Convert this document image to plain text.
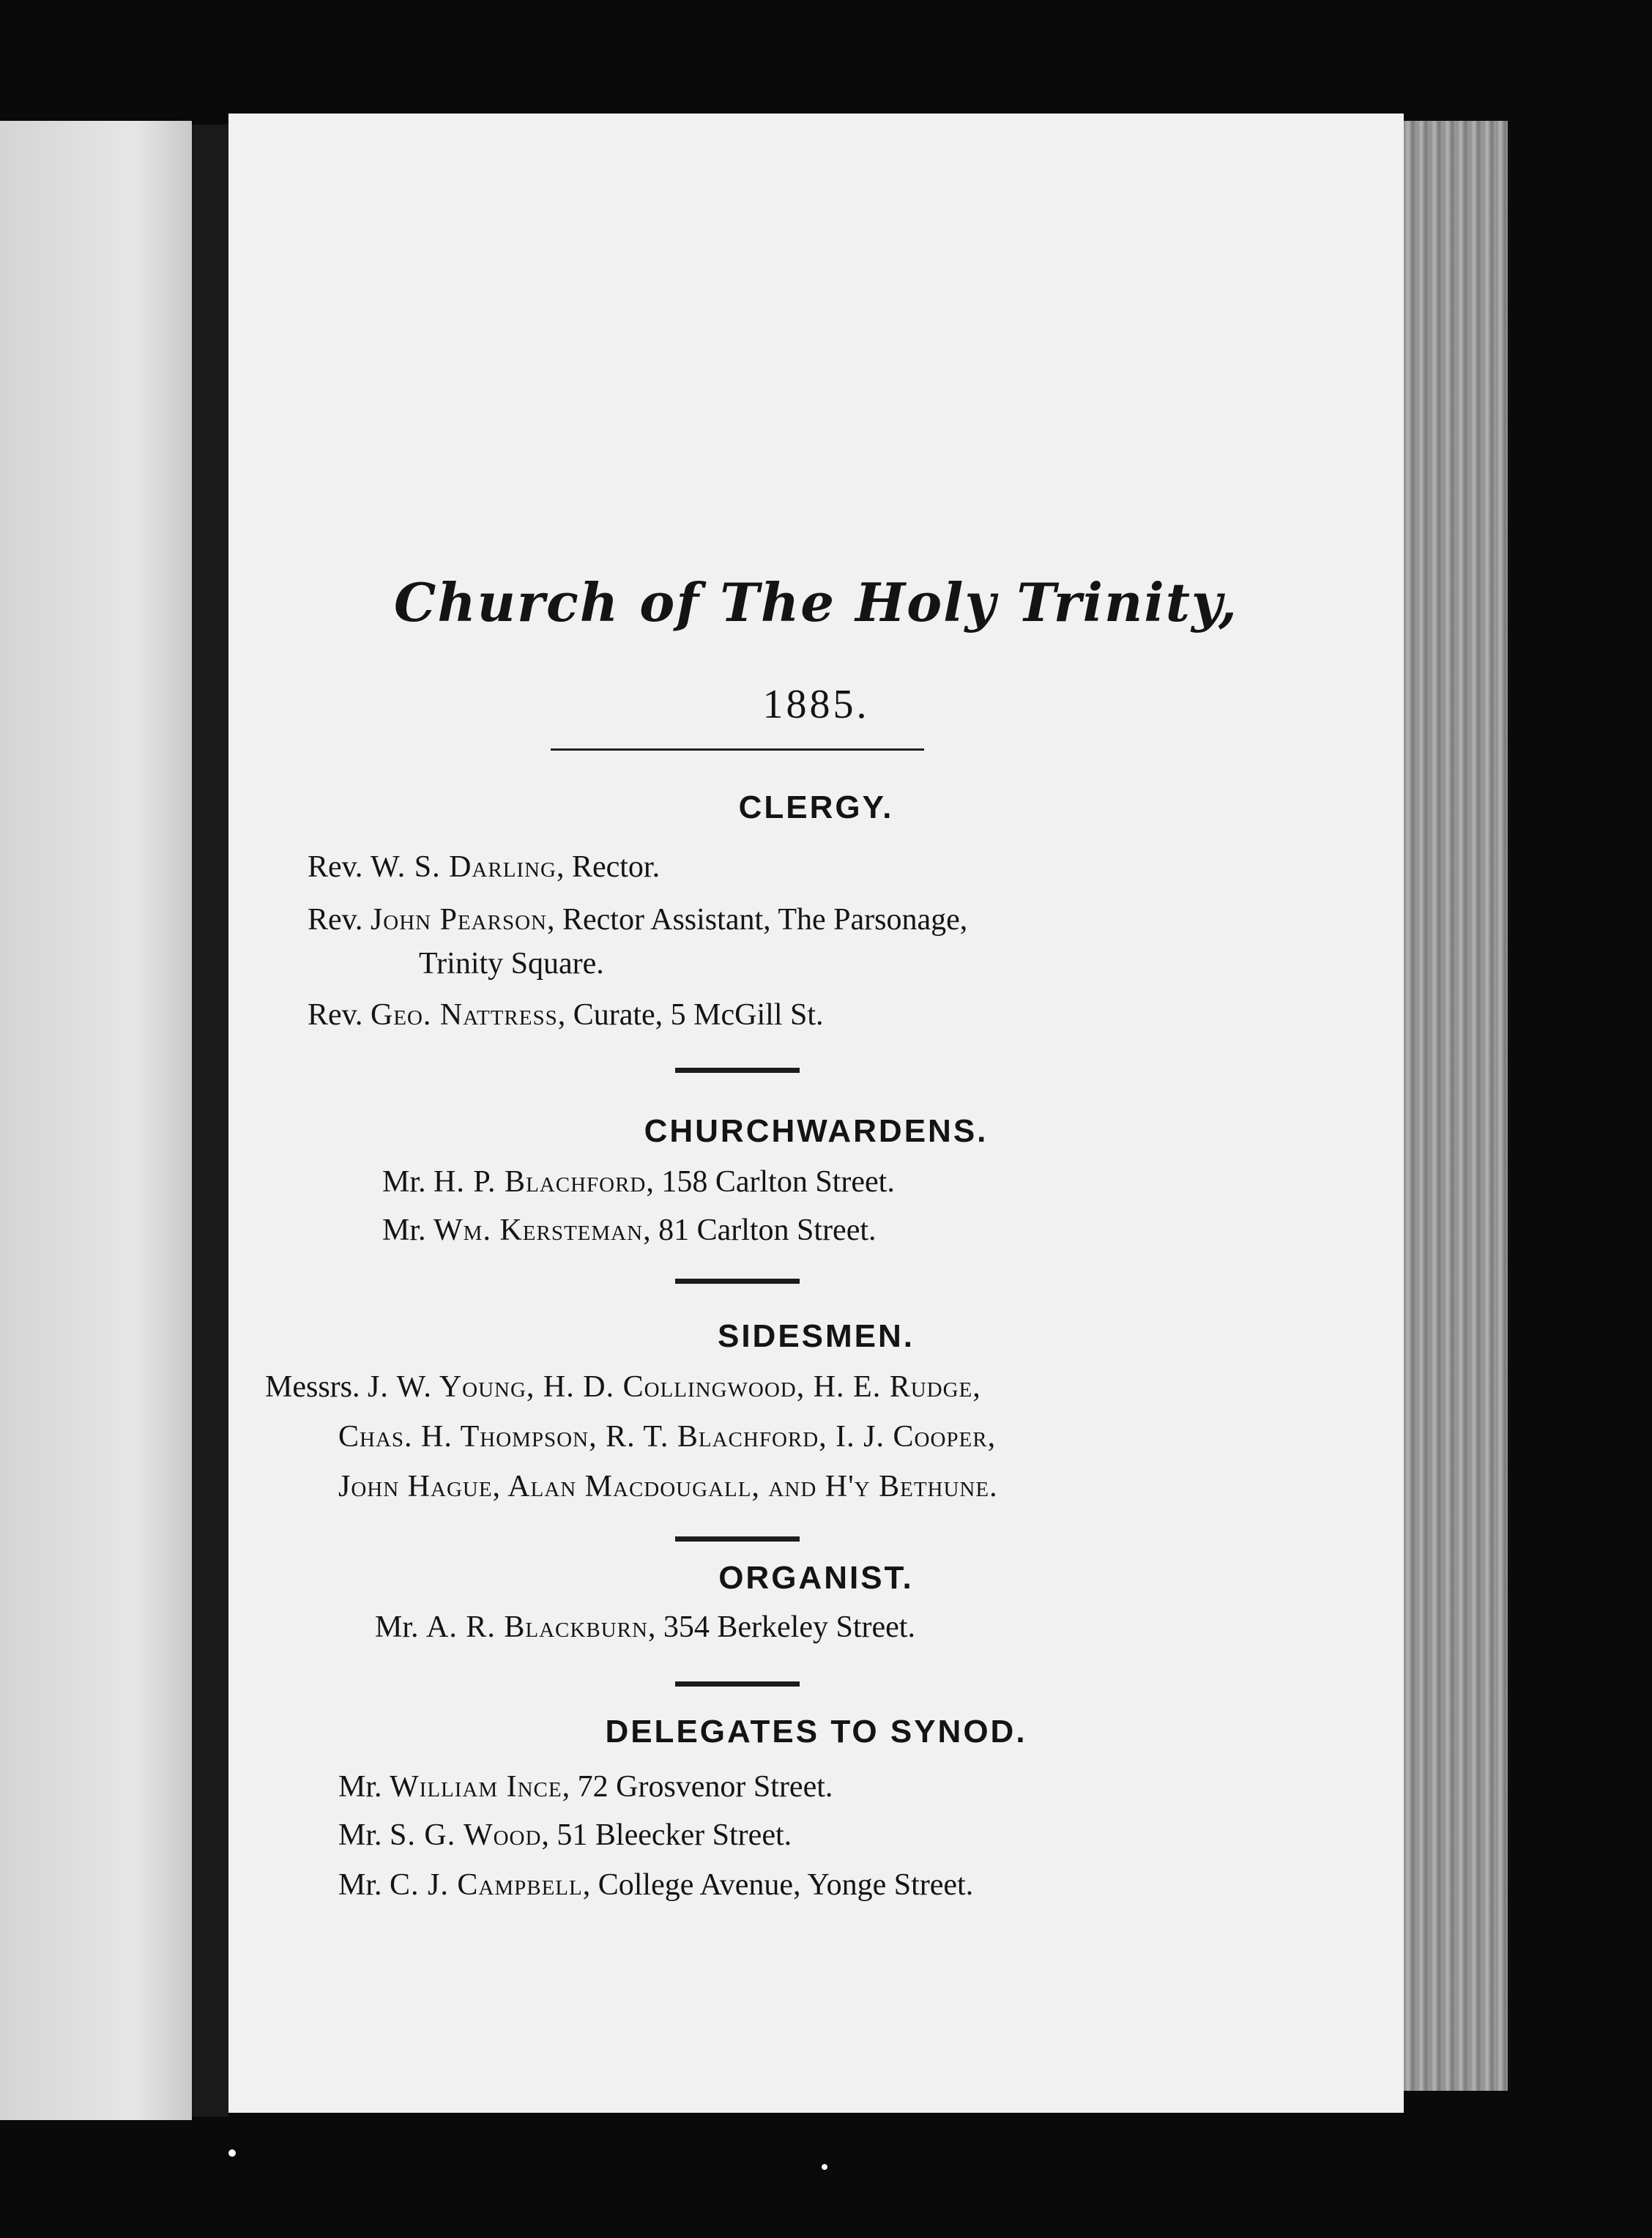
Church of The Holy Trinity,
1885.
CLERGY.
Rev. W. S. Darling, Rector.
Rev. John Pearson, Rector Assistant, The Parsonage,
Trinity Square.
Rev. Geo. Nattress, Curate, 5 McGill St.
CHURCHWARDENS.
Mr. H. P. Blachford, 158 Carlton Street.
Mr. Wm. Kersteman, 81 Carlton Street.
SIDESMEN.
Messrs. J. W. Young, H. D. Collingwood, H. E. Rudge,
Chas. H. Thompson, R. T. Blachford, I. J. Cooper,
John Hague, Alan Macdougall, and H'y Bethune.
ORGANIST.
Mr. A. R. Blackburn, 354 Berkeley Street.
DELEGATES TO SYNOD.
Mr. William Ince, 72 Grosvenor Street.
Mr. S. G. Wood, 51 Bleecker Street.
Mr. C. J. Campbell, College Avenue, Yonge Street.
